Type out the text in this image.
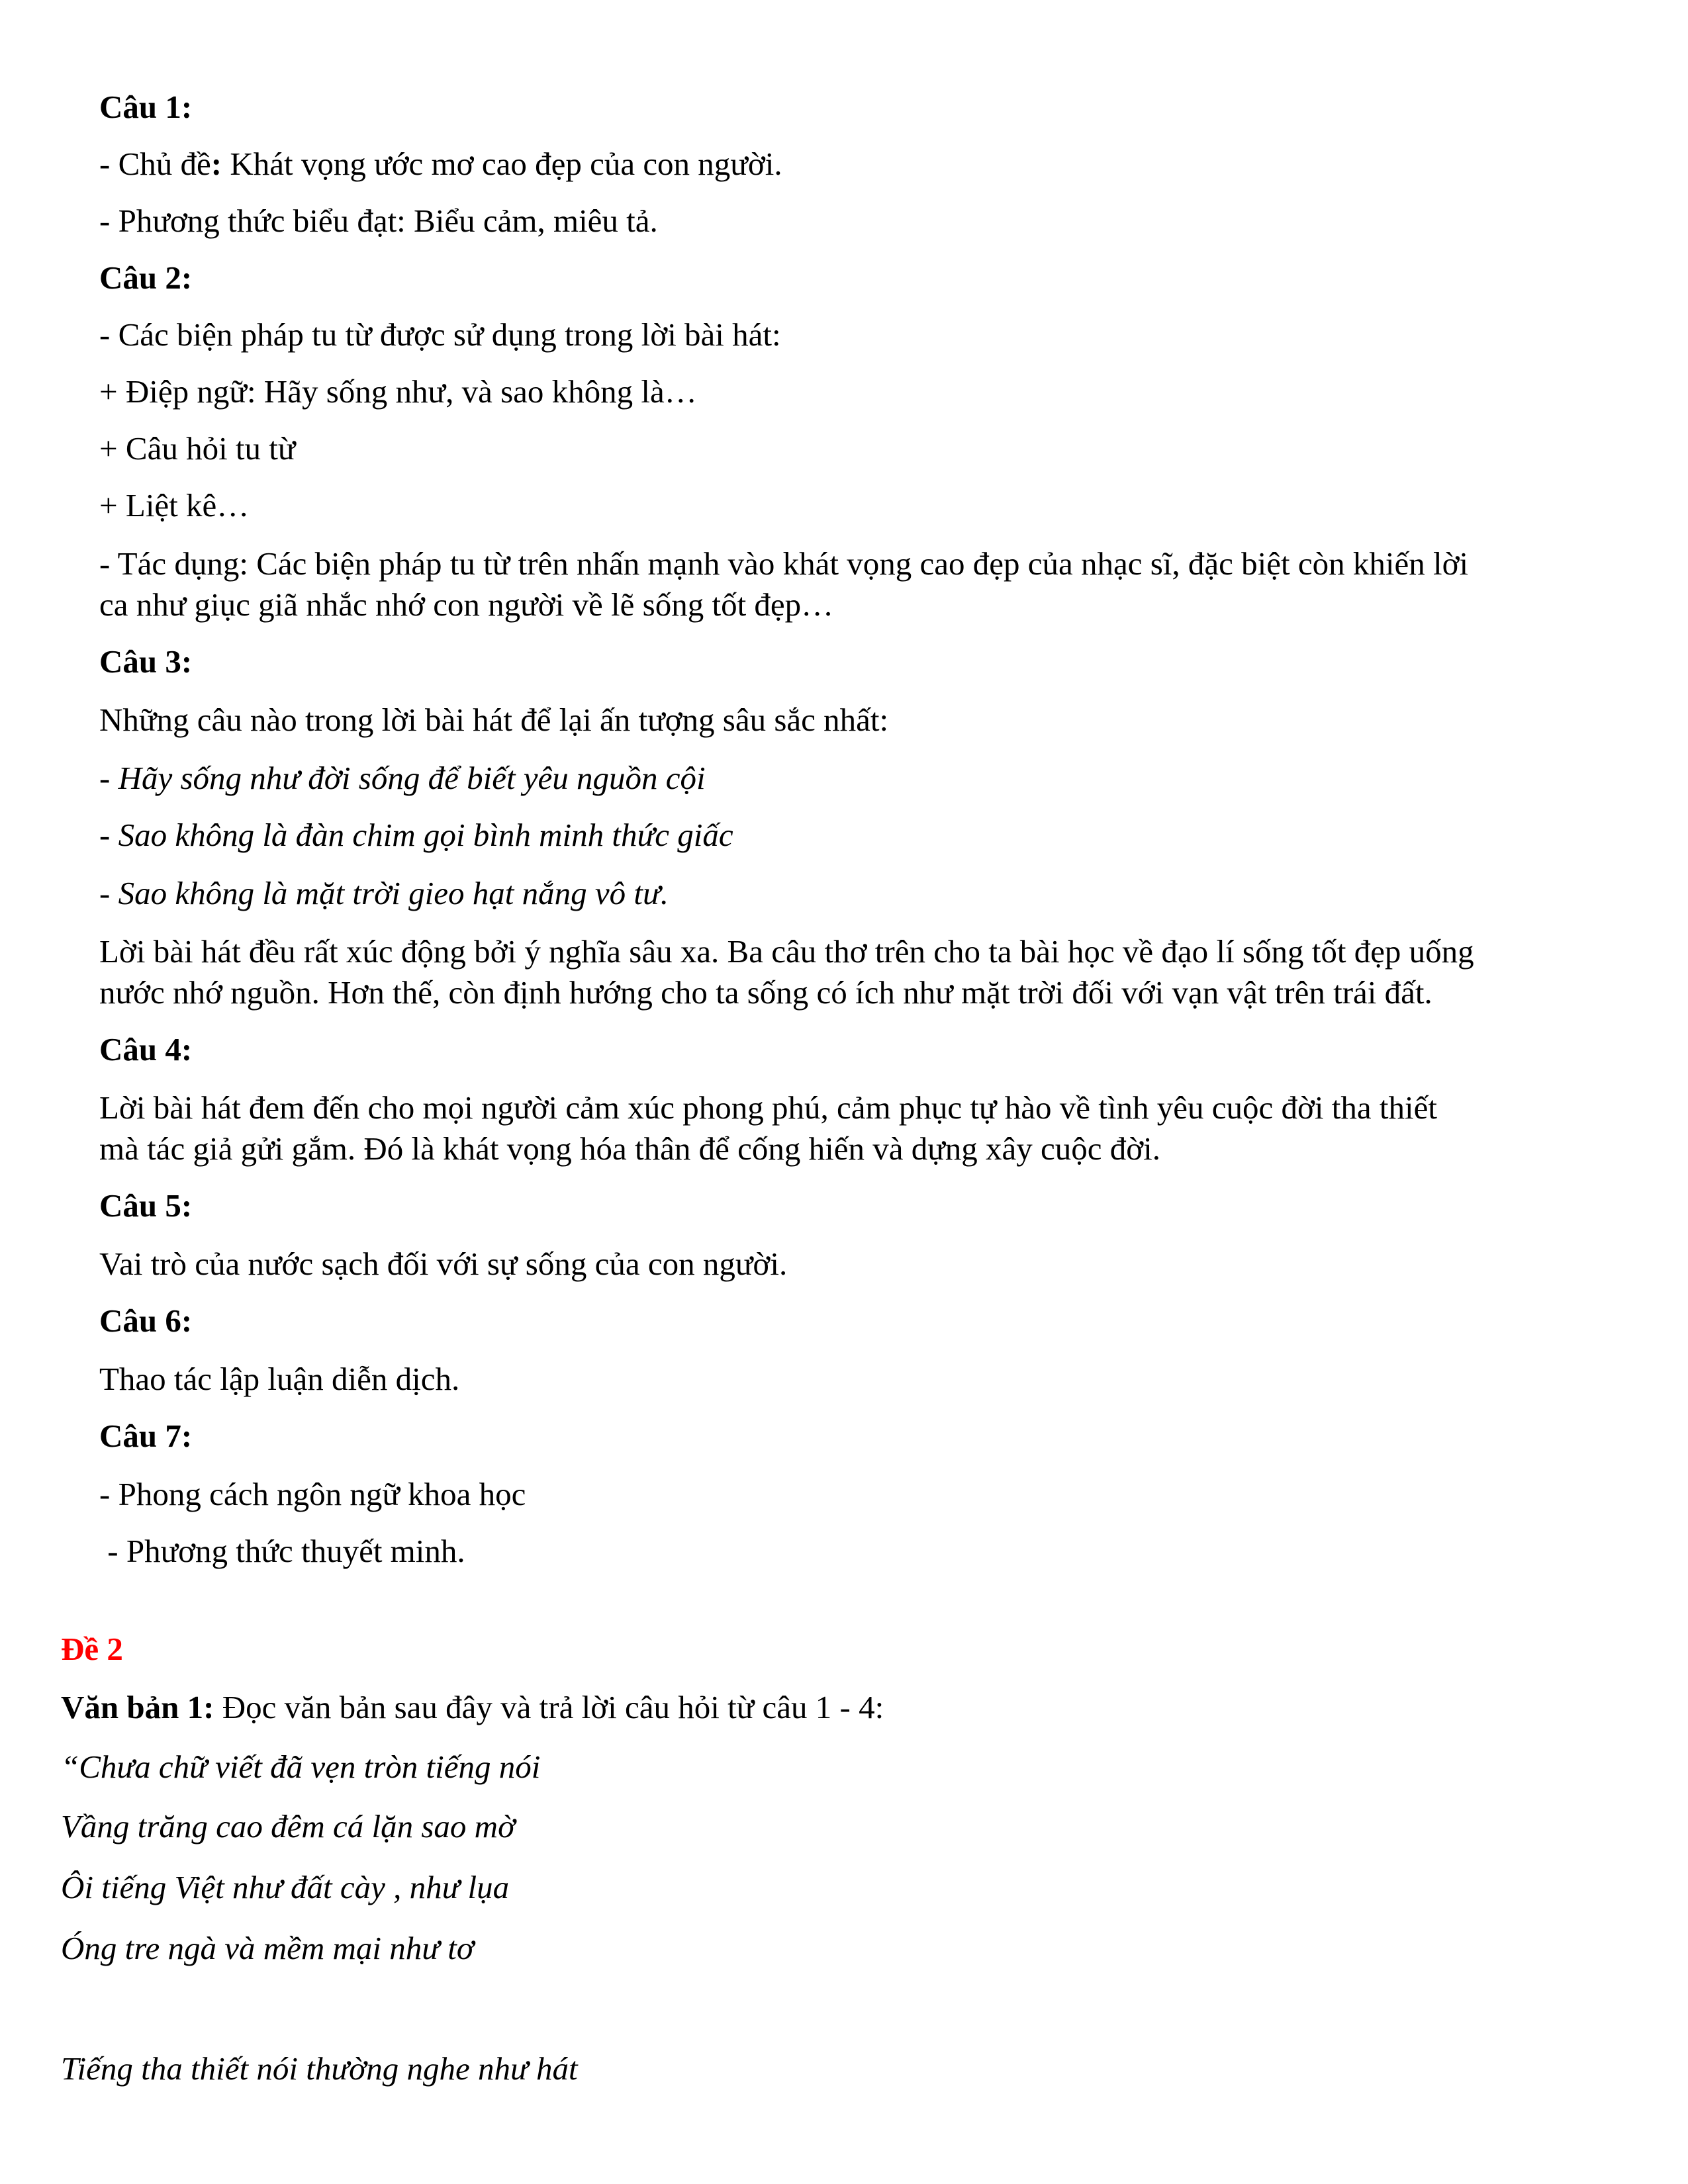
Câu 1:
- Chủ đề: Khát vọng ước mơ cao đẹp của con người.
- Phương thức biểu đạt: Biểu cảm, miêu tả.
Câu 2:
- Các biện pháp tu từ được sử dụng trong lời bài hát:
+ Điệp ngữ: Hãy sống như, và sao không là…
+ Câu hỏi tu từ
+ Liệt kê…
- Tác dụng: Các biện pháp tu từ trên nhấn mạnh vào khát vọng cao đẹp của nhạc sĩ, đặc biệt còn khiến lời
ca như giục giã nhắc nhớ con người về lẽ sống tốt đẹp…
Câu 3:
Những câu nào trong lời bài hát để lại ấn tượng sâu sắc nhất:
- Hãy sống như đời sống để biết yêu nguồn cội
- Sao không là đàn chim gọi bình minh thức giấc
- Sao không là mặt trời gieo hạt nắng vô tư.
Lời bài hát đều rất xúc động bởi ý nghĩa sâu xa. Ba câu thơ trên cho ta bài học về đạo lí sống tốt đẹp uống
nước nhớ nguồn. Hơn thế, còn định hướng cho ta sống có ích như mặt trời đối với vạn vật trên trái đất.
Câu 4:
Lời bài hát đem đến cho mọi người cảm xúc phong phú, cảm phục tự hào về tình yêu cuộc đời tha thiết
mà tác giả gửi gắm. Đó là khát vọng hóa thân để cống hiến và dựng xây cuộc đời.
Câu 5:
Vai trò của nước sạch đối với sự sống của con người.
Câu 6:
Thao tác lập luận diễn dịch.
Câu 7:
- Phong cách ngôn ngữ khoa học
- Phương thức thuyết minh.
Đề 2
Văn bản 1: Đọc văn bản sau đây và trả lời câu hỏi từ câu 1 - 4:
“Chưa chữ viết đã vẹn tròn tiếng nói
Vầng trăng cao đêm cá lặn sao mờ
Ôi tiếng Việt như đất cày , như lụa
Óng tre ngà và mềm mại như tơ
Tiếng tha thiết nói thường nghe như hát
